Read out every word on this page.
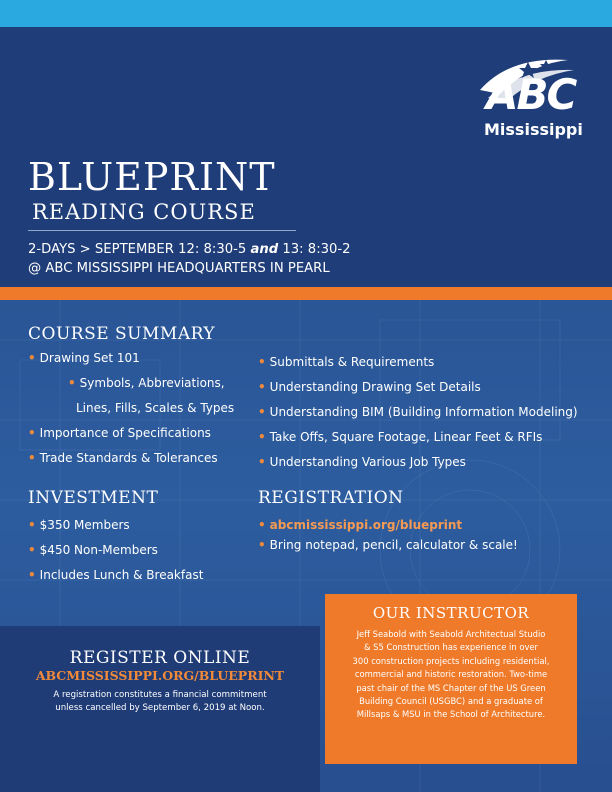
ABC
Mississippi
BLUEPRINT
READING COURSE
2-DAYS > SEPTEMBER 12: 8:30-5 and 13: 8:30-2
@ ABC MISSISSIPPI HEADQUARTERS IN PEARL
COURSE SUMMARY
• Drawing Set 101
• Symbols, Abbreviations,
Lines, Fills, Scales & Types
• Importance of Specifications
• Trade Standards & Tolerances
• Submittals & Requirements
• Understanding Drawing Set Details
• Understanding BIM (Building Information Modeling)
• Take Offs, Square Footage, Linear Feet & RFIs
• Understanding Various Job Types
INVESTMENT
• $350 Members
• $450 Non-Members
• Includes Lunch & Breakfast
REGISTRATION
• abcmississippi.org/blueprint
• Bring notepad, pencil, calculator & scale!
REGISTER ONLINE
ABCMISSISSIPPI.ORG/BLUEPRINT
A registration constitutes a financial commitment
unless cancelled by September 6, 2019 at Noon.
OUR INSTRUCTOR
Jeff Seabold with Seabold Architectual Studio
& S5 Construction has experience in over
300 construction projects including residential,
commercial and historic restoration. Two-time
past chair of the MS Chapter of the US Green
Building Council (USGBC) and a graduate of
Millsaps & MSU in the School of Architecture.
